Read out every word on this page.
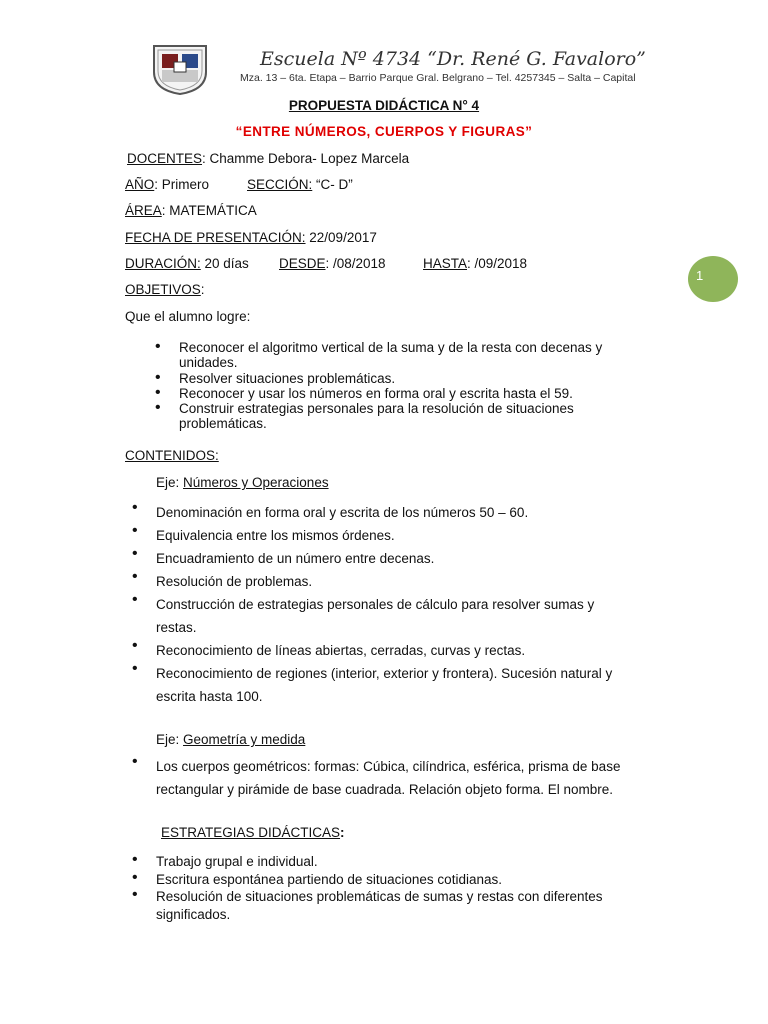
Escuela Nº 4734 “Dr. René G. Favaloro”
Mza. 13 – 6ta. Etapa – Barrio Parque Gral. Belgrano – Tel. 4257345 – Salta – Capital
PROPUESTA DIDÁCTICA N° 4
“ENTRE NÚMEROS, CUERPOS Y FIGURAS”
1
DOCENTES: Chamme Debora- Lopez Marcela
AÑO: Primero	SECCIÓN: “C- D”
ÁREA: MATEMÁTICA
FECHA DE PRESENTACIÓN: 22/09/2017
DURACIÓN: 20 días DESDE: /08/2018	HASTA: /09/2018
OBJETIVOS:
Que el alumno logre:
• Reconocer el algoritmo vertical de la suma y de la resta con decenas y
unidades.
• Resolver situaciones problemáticas.
• Reconocer y usar los números en forma oral y escrita hasta el 59.
• Construir estrategias personales para la resolución de situaciones
problemáticas.
CONTENIDOS:
Eje: Números y Operaciones
• Denominación en forma oral y escrita de los números 50 – 60.
• Equivalencia entre los mismos órdenes.
• Encuadramiento de un número entre decenas.
• Resolución de problemas.
• Construcción de estrategias personales de cálculo para resolver sumas y
restas.
• Reconocimiento de líneas abiertas, cerradas, curvas y rectas.
• Reconocimiento de regiones (interior, exterior y frontera). Sucesión natural y
escrita hasta 100.
Eje: Geometría y medida
• Los cuerpos geométricos: formas: Cúbica, cilíndrica, esférica, prisma de base
rectangular y pirámide de base cuadrada. Relación objeto forma. El nombre.
ESTRATEGIAS DIDÁCTICAS:
• Trabajo grupal e individual.
• Escritura espontánea partiendo de situaciones cotidianas.
• Resolución de situaciones problemáticas de sumas y restas con diferentes
significados.
